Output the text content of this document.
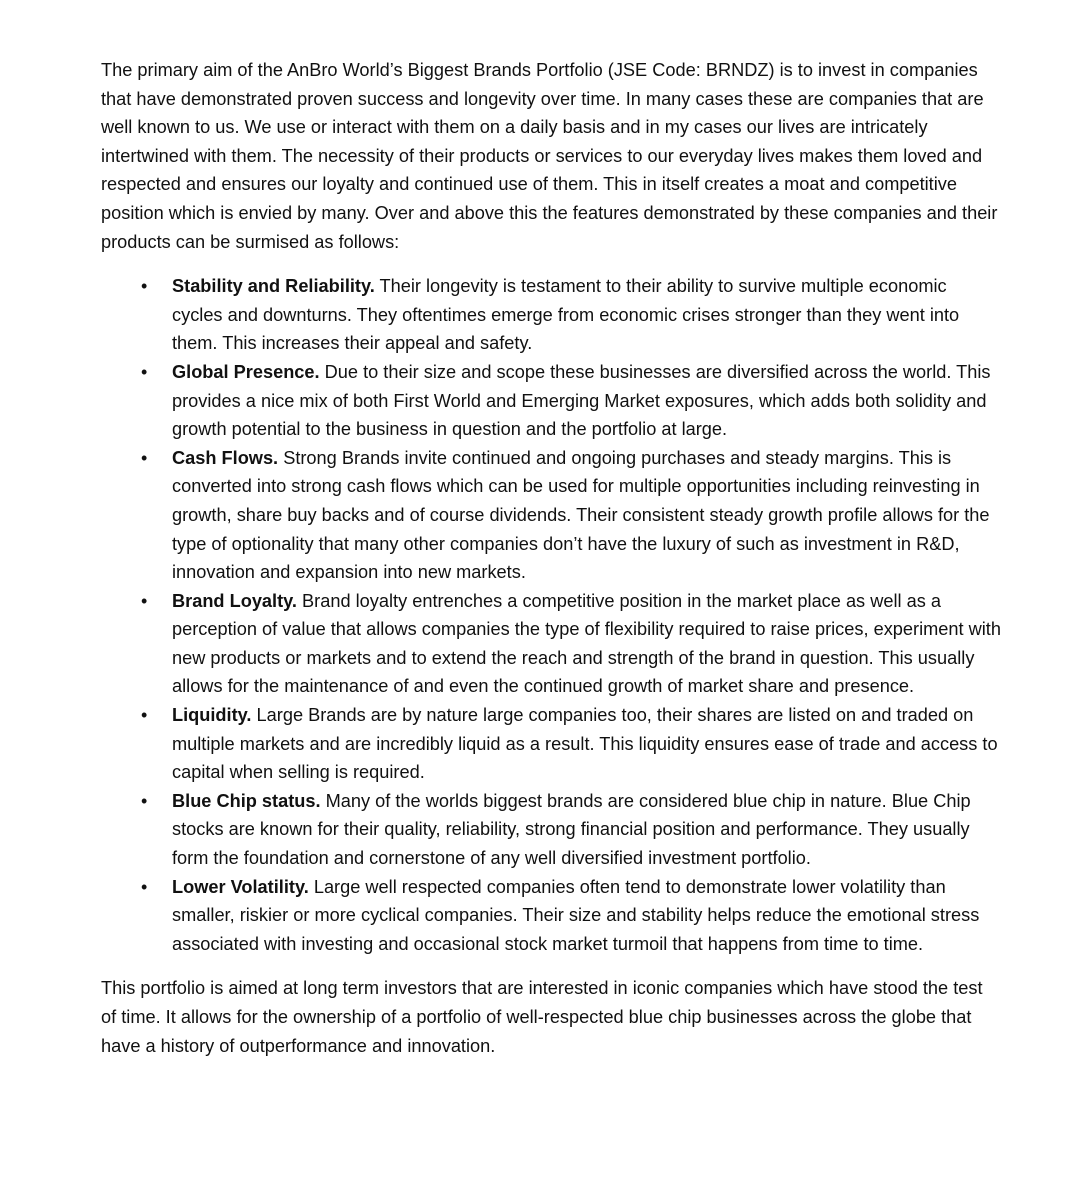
The primary aim of the AnBro World’s Biggest Brands Portfolio (JSE Code: BRNDZ) is to invest in companies that have demonstrated proven success and longevity over time. In many cases these are companies that are well known to us. We use or interact with them on a daily basis and in my cases our lives are intricately intertwined with them. The necessity of their products or services to our everyday lives makes them loved and respected and ensures our loyalty and continued use of them. This in itself creates a moat and competitive position which is envied by many. Over and above this the features demonstrated by these companies and their products can be surmised as follows:

• Stability and Reliability. Their longevity is testament to their ability to survive multiple economic cycles and downturns. They oftentimes emerge from economic crises stronger than they went into them. This increases their appeal and safety.
• Global Presence. Due to their size and scope these businesses are diversified across the world. This provides a nice mix of both First World and Emerging Market exposures, which adds both solidity and growth potential to the business in question and the portfolio at large.
• Cash Flows. Strong Brands invite continued and ongoing purchases and steady margins. This is converted into strong cash flows which can be used for multiple opportunities including reinvesting in growth, share buy backs and of course dividends. Their consistent steady growth profile allows for the type of optionality that many other companies don’t have the luxury of such as investment in R&D, innovation and expansion into new markets.
• Brand Loyalty. Brand loyalty entrenches a competitive position in the market place as well as a perception of value that allows companies the type of flexibility required to raise prices, experiment with new products or markets and to extend the reach and strength of the brand in question. This usually allows for the maintenance of and even the continued growth of market share and presence.
• Liquidity. Large Brands are by nature large companies too, their shares are listed on and traded on multiple markets and are incredibly liquid as a result. This liquidity ensures ease of trade and access to capital when selling is required.
• Blue Chip status. Many of the worlds biggest brands are considered blue chip in nature. Blue Chip stocks are known for their quality, reliability, strong financial position and performance. They usually form the foundation and cornerstone of any well diversified investment portfolio.
• Lower Volatility. Large well respected companies often tend to demonstrate lower volatility than smaller, riskier or more cyclical companies. Their size and stability helps reduce the emotional stress associated with investing and occasional stock market turmoil that happens from time to time.

This portfolio is aimed at long term investors that are interested in iconic companies which have stood the test of time. It allows for the ownership of a portfolio of well-respected blue chip businesses across the globe that have a history of outperformance and innovation.
